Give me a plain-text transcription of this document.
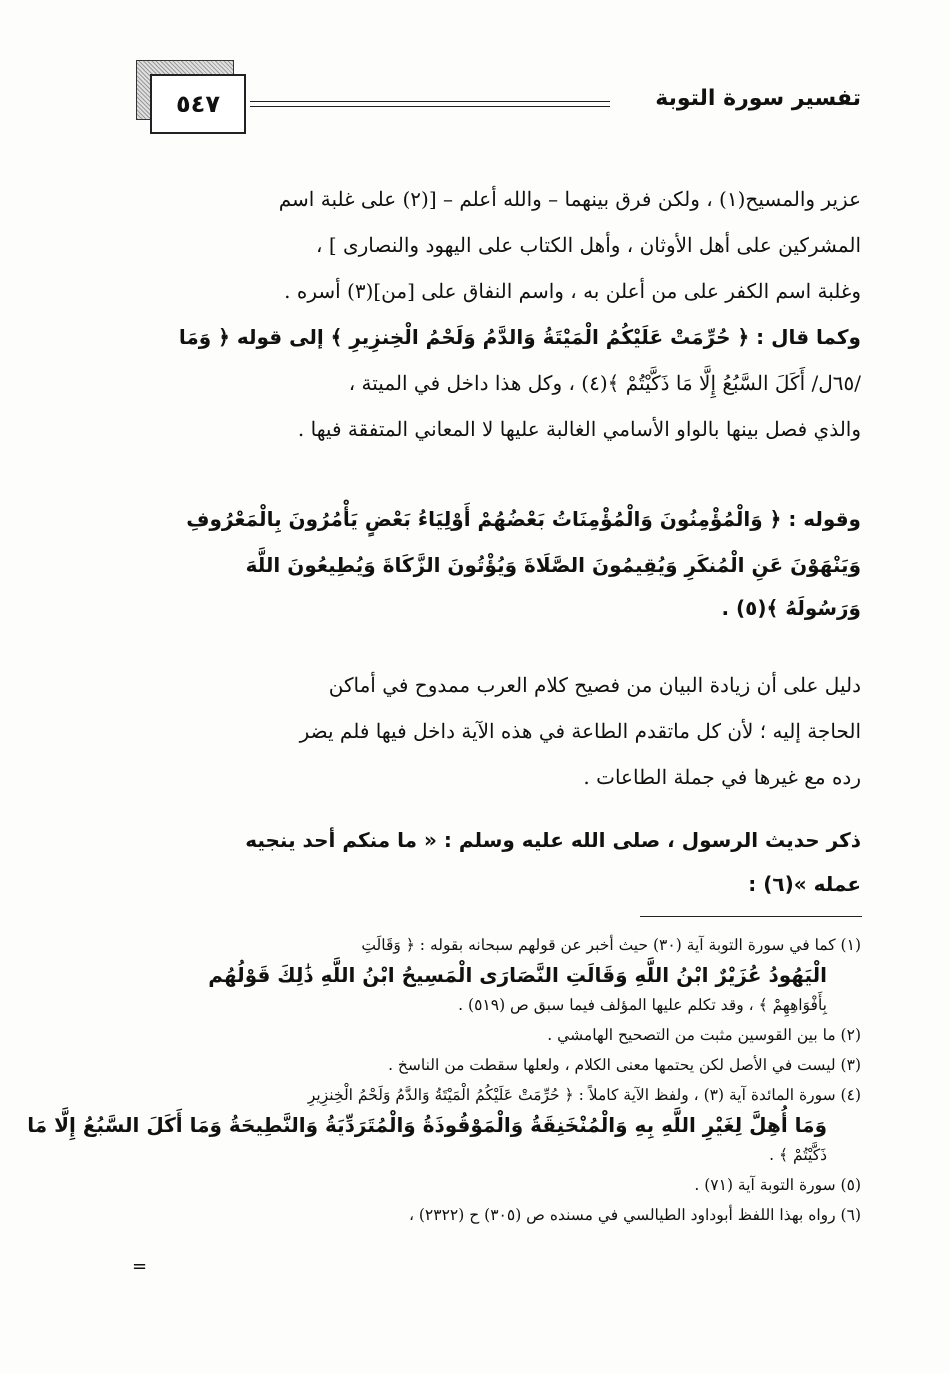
تفسير سورة التوبة
٥٤٧
عزير والمسيح(١) ، ولكن فرق بينهما – والله أعلم – [(٢) على غلبة اسم
المشركين على أهل الأوثان ، وأهل الكتاب على اليهود والنصارى ] ،
وغلبة اسم الكفر على من أعلن به ، واسم النفاق على [من](٣) أسره .
وكما قال : ﴿ حُرِّمَتْ عَلَيْكُمُ الْمَيْتَةُ وَالدَّمُ وَلَحْمُ الْخِنزِيرِ ﴾ إلى قوله ﴿ وَمَا
/٦٥ل/ أَكَلَ السَّبُعُ إِلَّا مَا ذَكَّيْتُمْ ﴾(٤) ، وكل هذا داخل في الميتة ،
والذي فصل بينها بالواو الأسامي الغالبة عليها لا المعاني المتفقة فيها .
وقوله : ﴿ وَالْمُؤْمِنُونَ وَالْمُؤْمِنَاتُ بَعْضُهُمْ أَوْلِيَاءُ بَعْضٍ يَأْمُرُونَ بِالْمَعْرُوفِ
وَيَنْهَوْنَ عَنِ الْمُنكَرِ وَيُقِيمُونَ الصَّلَاةَ وَيُؤْتُونَ الزَّكَاةَ وَيُطِيعُونَ اللَّهَ
وَرَسُولَهُ ﴾(٥) .
دليل على أن زيادة البيان من فصيح كلام العرب ممدوح في أماكن
الحاجة إليه ؛ لأن كل ماتقدم الطاعة في هذه الآية داخل فيها فلم يضر
رده مع غيرها في جملة الطاعات .
ذكر حديث الرسول ، صلى الله عليه وسلم : « ما منكم أحد ينجيه
عمله »(٦) :
(١) كما في سورة التوبة آية (٣٠) حيث أخبر عن قولهم سبحانه بقوله : ﴿ وَقَالَتِ
الْيَهُودُ عُزَيْرٌ ابْنُ اللَّهِ وَقَالَتِ النَّصَارَى الْمَسِيحُ ابْنُ اللَّهِ ذَٰلِكَ قَوْلُهُم
بِأَفْوَاهِهِمْ ﴾ ، وقد تكلم عليها المؤلف فيما سبق ص (٥١٩) .
(٢) ما بين القوسين مثبت من التصحيح الهامشي .
(٣) ليست في الأصل لكن يحتمها معنى الكلام ، ولعلها سقطت من الناسخ .
(٤) سورة المائدة آية (٣) ، ولفظ الآية كاملاً : ﴿ حُرِّمَتْ عَلَيْكُمُ الْمَيْتَةُ وَالدَّمُ وَلَحْمُ الْخِنزِيرِ
وَمَا أُهِلَّ لِغَيْرِ اللَّهِ بِهِ وَالْمُنْخَنِقَةُ وَالْمَوْقُوذَةُ وَالْمُتَرَدِّيَةُ وَالنَّطِيحَةُ وَمَا أَكَلَ السَّبُعُ إِلَّا مَا
ذَكَّيْتُمْ ﴾ .
(٥) سورة التوبة آية (٧١) .
(٦) رواه بهذا اللفظ أبوداود الطيالسي في مسنده ص (٣٠٥) ح (٢٣٢٢) ،
=
